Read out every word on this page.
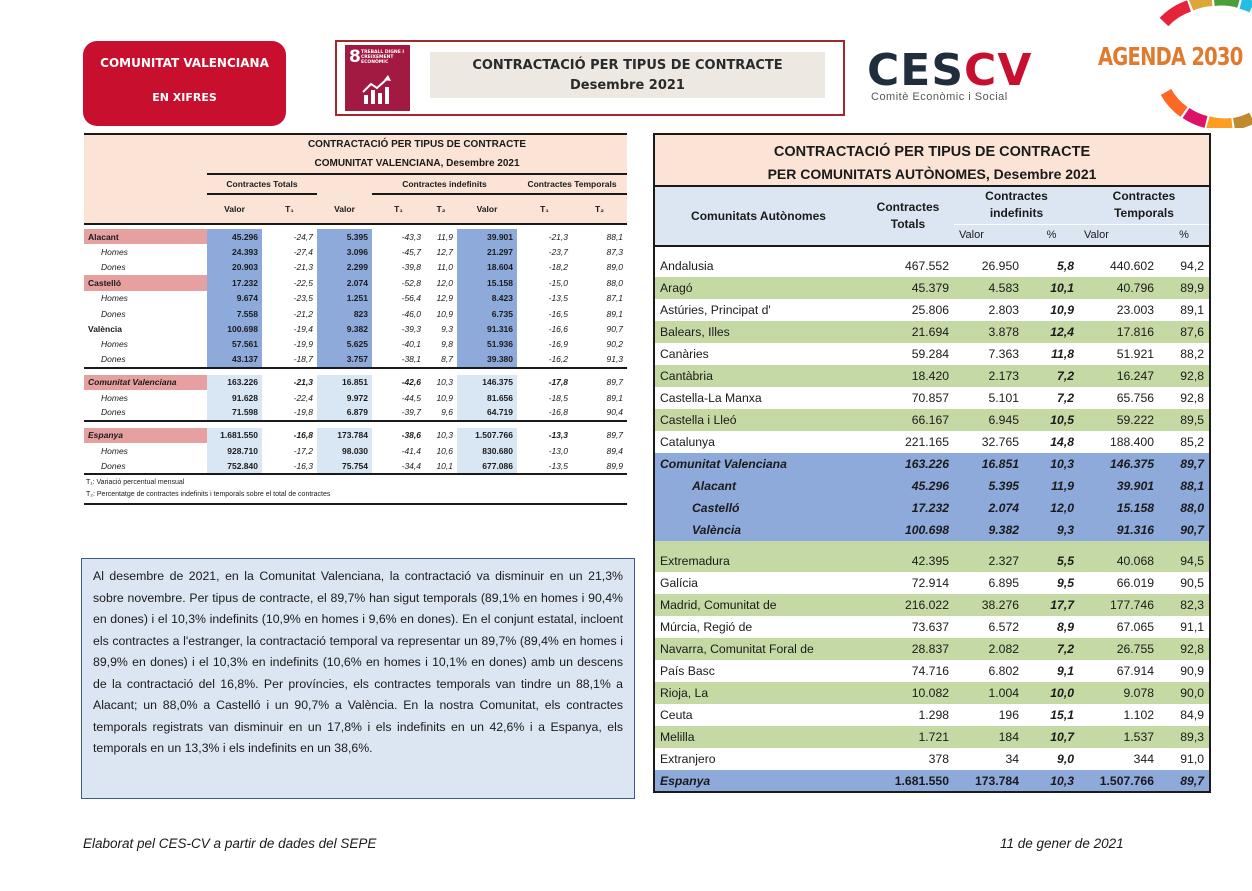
COMUNITAT VALENCIANA
EN XIFRES
8 TREBALL DIGNE I CREIXEMENT ECONÒMIC	CONTRACTACIÓ PER TIPUS DE CONTRACTE
Desembre 2021	CESCV
Comitè Econòmic i Social
AGENDA 2030
	CONTRACTACIÓ PER TIPUS DE CONTRACTE							
	COMUNITAT VALENCIANA, Desembre 2021							
	Contractes Totals			Contractes indefinits			Contractes Temporals	
	Valor	T₁	Valor	T₁	T₂	Valor	T₁	T₂

Alacant	45.296	-24,7	5.395	-43,3	11,9	39.901	-21,3	88,1
Homes	24.393	-27,4	3.096	-45,7	12,7	21.297	-23,7	87,3
Dones	20.903	-21,3	2.299	-39,8	11,0	18.604	-18,2	89,0
Castelló	17.232	-22,5	2.074	-52,8	12,0	15.158	-15,0	88,0
Homes	9.674	-23,5	1.251	-56,4	12,9	8.423	-13,5	87,1
Dones	7.558	-21,2	823	-46,0	10,9	6.735	-16,5	89,1
València	100.698	-19,4	9.382	-39,3	9,3	91.316	-16,6	90,7
Homes	57.561	-19,9	5.625	-40,1	9,8	51.936	-16,9	90,2
Dones	43.137	-18,7	3.757	-38,1	8,7	39.380	-16,2	91,3

Comunitat Valenciana	163.226	-21,3	16.851	-42,6	10,3	146.375	-17,8	89,7
Homes	91.628	-22,4	9.972	-44,5	10,9	81.656	-18,5	89,1
Dones	71.598	-19,8	6.879	-39,7	9,6	64.719	-16,8	90,4

Espanya	1.681.550	-16,8	173.784	-38,6	10,3	1.507.766	-13,3	89,7
Homes	928.710	-17,2	98.030	-41,4	10,6	830.680	-13,0	89,4
Dones	752.840	-16,3	75.754	-34,4	10,1	677.086	-13,5	89,9

T₁: Variació percentual mensual
T₂: Percentatge de contractes indefinits i temporals sobre el total de contractes								
CONTRACTACIÓ PER TIPUS DE CONTRACTE					
PER COMUNITATS AUTÒNOMES, Desembre 2021					
Comunitats Autònomes	Contractes Totals	Contractes indefinits		Contractes Temporals	
		Valor	%	Valor	%

Andalusia	467.552	26.950	5,8	440.602	94,2
Aragó	45.379	4.583	10,1	40.796	89,9
Astúries, Principat d'	25.806	2.803	10,9	23.003	89,1
Balears, Illes	21.694	3.878	12,4	17.816	87,6
Canàries	59.284	7.363	11,8	51.921	88,2
Cantàbria	18.420	2.173	7,2	16.247	92,8
Castella-La Manxa	70.857	5.101	7,2	65.756	92,8
Castella i Lleó	66.167	6.945	10,5	59.222	89,5
Catalunya	221.165	32.765	14,8	188.400	85,2
Comunitat Valenciana	163.226	16.851	10,3	146.375	89,7
Alacant	45.296	5.395	11,9	39.901	88,1
Castelló	17.232	2.074	12,0	15.158	88,0
València	100.698	9.382	9,3	91.316	90,7

Extremadura	42.395	2.327	5,5	40.068	94,5
Galícia	72.914	6.895	9,5	66.019	90,5
Madrid, Comunitat de	216.022	38.276	17,7	177.746	82,3
Múrcia, Regió de	73.637	6.572	8,9	67.065	91,1
Navarra, Comunitat Foral de	28.837	2.082	7,2	26.755	92,8
País Basc	74.716	6.802	9,1	67.914	90,9
Rioja, La	10.082	1.004	10,0	9.078	90,0
Ceuta	1.298	196	15,1	1.102	84,9
Melilla	1.721	184	10,7	1.537	89,3
Extranjero	378	34	9,0	344	91,0
Espanya	1.681.550	173.784	10,3	1.507.766	89,7
Al desembre de 2021, en la Comunitat Valenciana, la contractació va disminuir en un 21,3% sobre novembre. Per tipus de contracte, el 89,7% han sigut temporals (89,1% en homes i 90,4% en dones) i el 10,3% indefinits (10,9% en homes i 9,6% en dones). En el conjunt estatal, incloent els contractes a l'estranger, la contractació temporal va representar un 89,7% (89,4% en homes i 89,9% en dones) i el 10,3% en indefinits (10,6% en homes i 10,1% en dones) amb un descens de la contractació del 16,8%. Per províncies, els contractes temporals van tindre un 88,1% a Alacant; un 88,0% a Castelló i un 90,7% a València. En la nostra Comunitat, els contractes temporals registrats van disminuir en un 17,8% i els indefinits en un 42,6% i a Espanya, els temporals en un 13,3% i els indefinits en un 38,6%.
Elaborat pel CES-CV a partir de dades del SEPE	11 de gener de 2021
